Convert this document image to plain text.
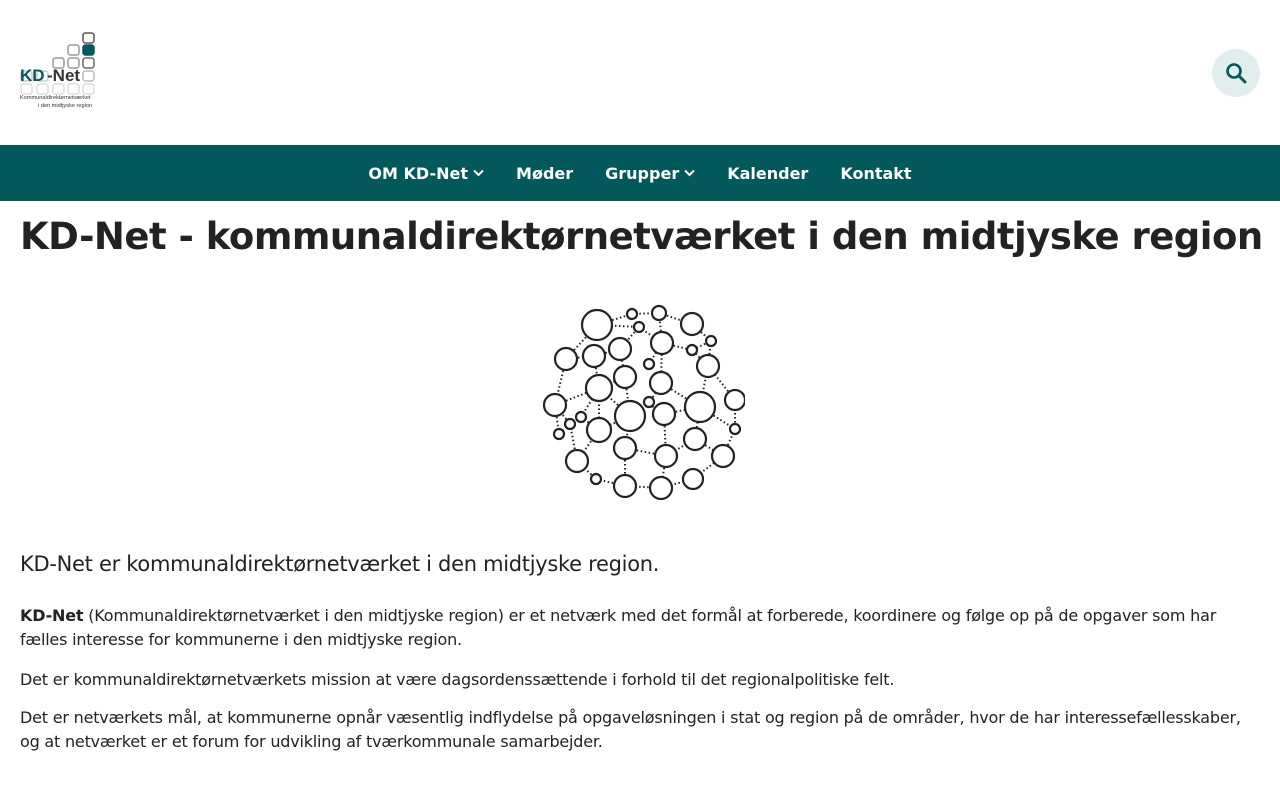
KD -Net
Kommunaldirektørnetværket
i den midtjyske region
OM KD-Net	Møder Grupper	Kalender Kontakt
KD-Net - kommunaldirektørnetværket i den midtjyske region

KD-Net er kommunaldirektørnetværket i den midtjyske region.

KD-Net (Kommunaldirektørnetværket i den midtjyske region) er et netværk med det formål at forberede, koordinere og følge op på de opgaver som har fælles interesse for kommunerne i den midtjyske region.

Det er kommunaldirektørnetværkets mission at være dagsordenssættende i forhold til det regionalpolitiske felt.

Det er netværkets mål, at kommunerne opnår væsentlig indflydelse på opgaveløsningen i stat og region på de områder, hvor de har interessefællesskaber, og at netværket er et forum for udvikling af tværkommunale samarbejder.
